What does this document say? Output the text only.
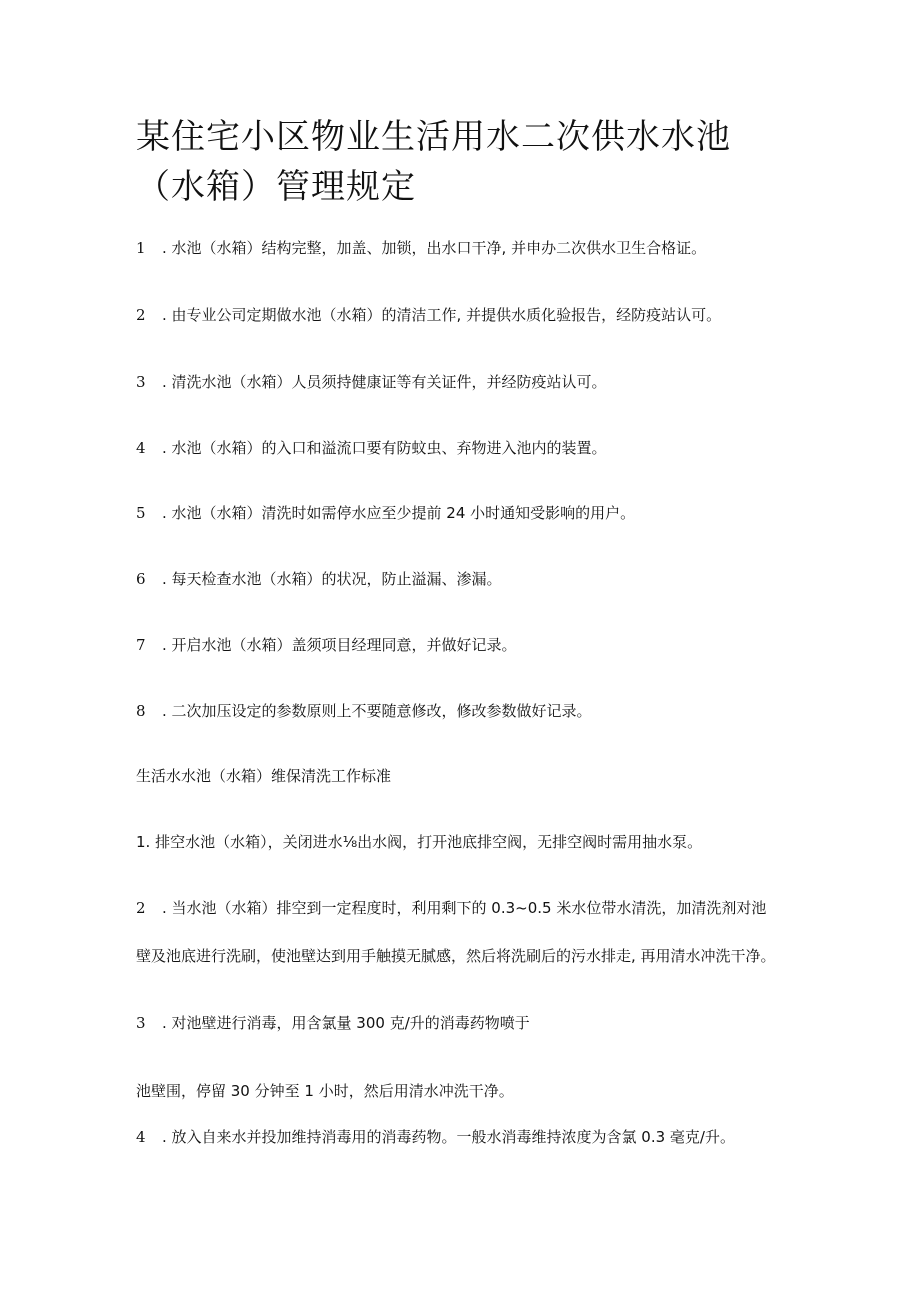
某住宅小区物业生活用水二次供水水池（水箱）管理规定

1 . 水池（水箱）结构完整，加盖、加锁，出水口干净, 并申办二次供水卫生合格证。

2 . 由专业公司定期做水池（水箱）的清洁工作, 并提供水质化验报告，经防疫站认可。

3 . 清洗水池（水箱）人员须持健康证等有关证件，并经防疫站认可。

4 . 水池（水箱）的入口和溢流口要有防蚊虫、弃物进入池内的装置。

5 . 水池（水箱）清洗时如需停水应至少提前 24 小时通知受影响的用户。

6 . 每天检查水池（水箱）的状况，防止溢漏、渗漏。

7 . 开启水池（水箱）盖须项目经理同意，并做好记录。

8 . 二次加压设定的参数原则上不要随意修改，修改参数做好记录。

生活水水池（水箱）维保清洗工作标准

1. 排空水池（水箱），关闭进水⅛出水阀，打开池底排空阀，无排空阀时需用抽水泵。

2 . 当水池（水箱）排空到一定程度时，利用剩下的 0.3~0.5 米水位带水清洗，加清洗剂对池

壁及池底进行洗刷，使池壁达到用手触摸无腻感，然后将洗刷后的污水排走, 再用清水冲洗干净。

3 . 对池壁进行消毒，用含氯量 300 克/升的消毒药物喷于

池壁围，停留 30 分钟至 1 小时，然后用清水冲洗干净。

4 . 放入自来水并投加维持消毒用的消毒药物。一般水消毒维持浓度为含氯 0.3 毫克/升。
